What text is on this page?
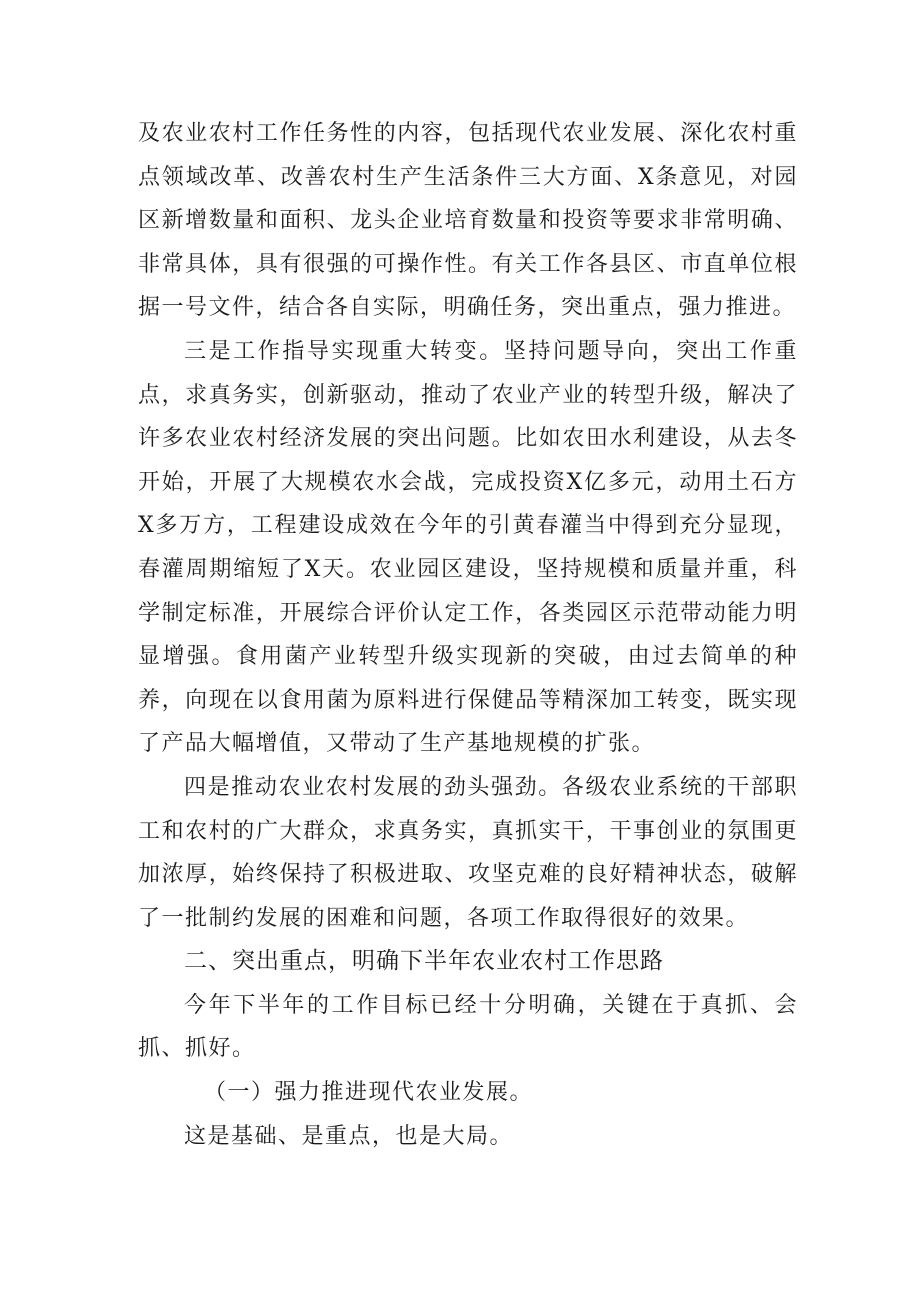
及农业农村工作任务性的内容，包括现代农业发展、深化农村重点领域改革、改善农村生产生活条件三大方面、X条意见，对园区新增数量和面积、龙头企业培育数量和投资等要求非常明确、非常具体，具有很强的可操作性。有关工作各县区、市直单位根据一号文件，结合各自实际，明确任务，突出重点，强力推进。

三是工作指导实现重大转变。坚持问题导向，突出工作重点，求真务实，创新驱动，推动了农业产业的转型升级，解决了许多农业农村经济发展的突出问题。比如农田水利建设，从去冬开始，开展了大规模农水会战，完成投资X亿多元，动用土石方X多万方，工程建设成效在今年的引黄春灌当中得到充分显现，春灌周期缩短了X天。农业园区建设，坚持规模和质量并重，科学制定标准，开展综合评价认定工作，各类园区示范带动能力明显增强。食用菌产业转型升级实现新的突破，由过去简单的种养，向现在以食用菌为原料进行保健品等精深加工转变，既实现了产品大幅增值，又带动了生产基地规模的扩张。

四是推动农业农村发展的劲头强劲。各级农业系统的干部职工和农村的广大群众，求真务实，真抓实干，干事创业的氛围更加浓厚，始终保持了积极进取、攻坚克难的良好精神状态，破解了一批制约发展的困难和问题，各项工作取得很好的效果。

二、突出重点，明确下半年农业农村工作思路

今年下半年的工作目标已经十分明确，关键在于真抓、会抓、抓好。

（一）强力推进现代农业发展。

这是基础、是重点，也是大局。
